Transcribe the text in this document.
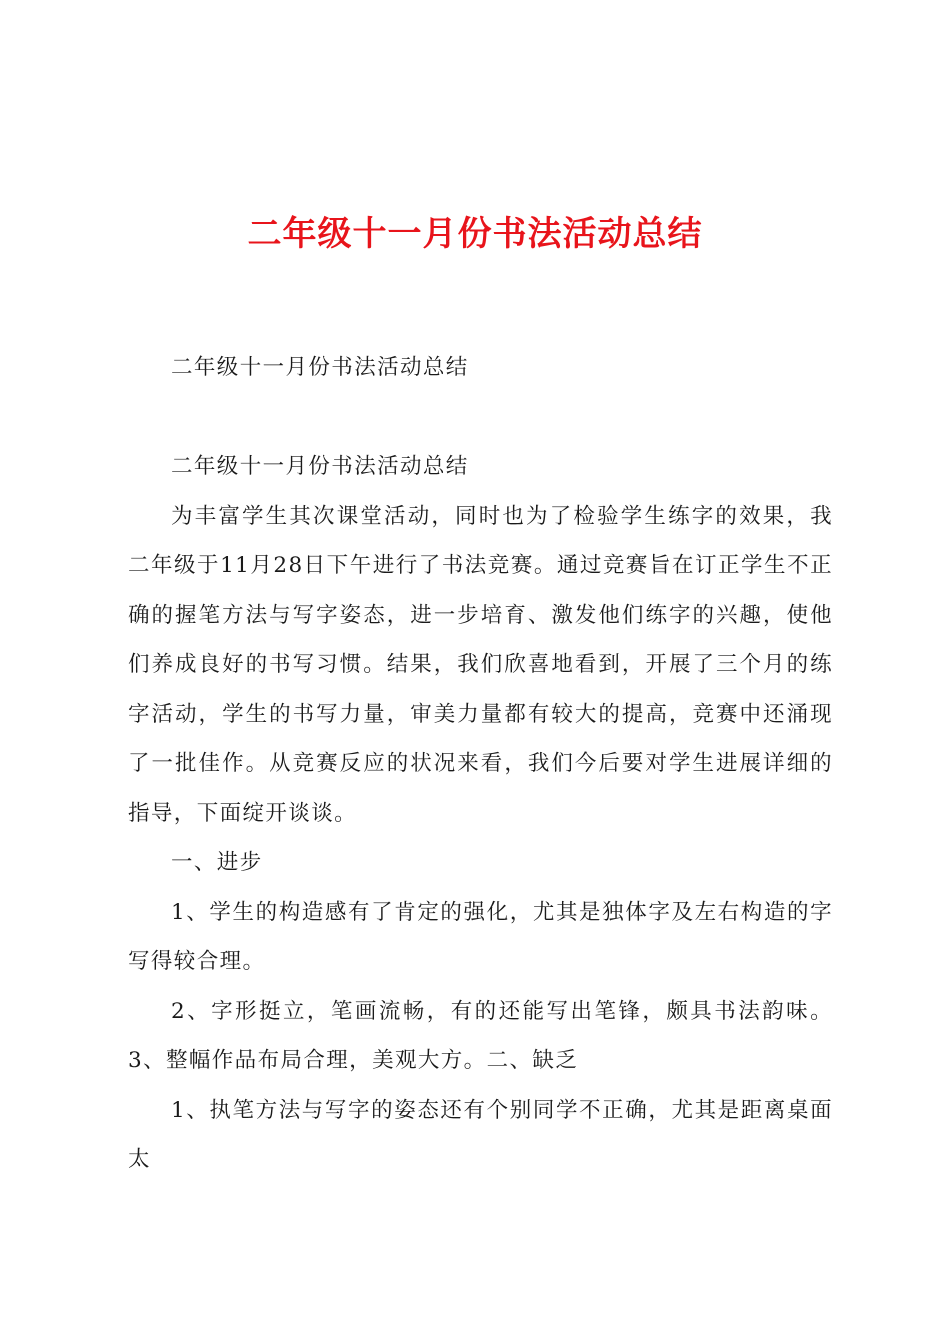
二年级十一月份书法活动总结

二年级十一月份书法活动总结

二年级十一月份书法活动总结

为丰富学生其次课堂活动，同时也为了检验学生练字的效果，我二年级于11月28日下午进行了书法竞赛。通过竞赛旨在订正学生不正确的握笔方法与写字姿态，进一步培育、激发他们练字的兴趣，使他们养成良好的书写习惯。结果，我们欣喜地看到，开展了三个月的练字活动，学生的书写力量，审美力量都有较大的提高，竞赛中还涌现了一批佳作。从竞赛反应的状况来看，我们今后要对学生进展详细的指导，下面绽开谈谈。

一、进步

1、学生的构造感有了肯定的强化，尤其是独体字及左右构造的字写得较合理。

2、字形挺立，笔画流畅，有的还能写出笔锋，颇具书法韵味。3、整幅作品布局合理，美观大方。二、缺乏

1、执笔方法与写字的姿态还有个别同学不正确，尤其是距离桌面太
